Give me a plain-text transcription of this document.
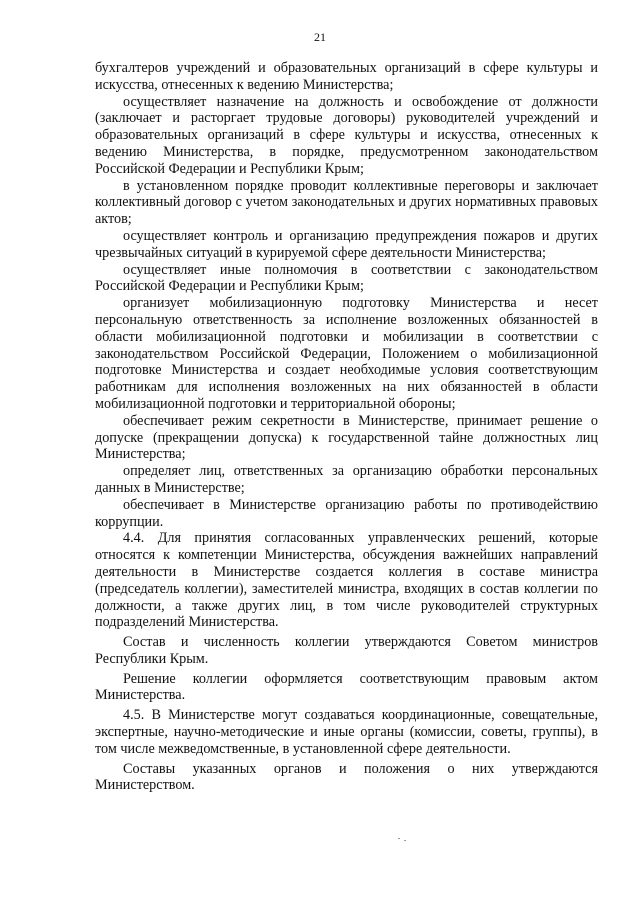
21

бухгалтеров учреждений и образовательных организаций в сфере культуры и искусства, отнесенных к ведению Министерства;

осуществляет назначение на должность и освобождение от должности (заключает и расторгает трудовые договоры) руководителей учреждений и образовательных организаций в сфере культуры и искусства, отнесенных к ведению Министерства, в порядке, предусмотренном законодательством Российской Федерации и Республики Крым;

в установленном порядке проводит коллективные переговоры и заключает коллективный договор с учетом законодательных и других нормативных правовых актов;

осуществляет контроль и организацию предупреждения пожаров и других чрезвычайных ситуаций в курируемой сфере деятельности Министерства;

осуществляет иные полномочия в соответствии с законодательством Российской Федерации и Республики Крым;

организует мобилизационную подготовку Министерства и несет персональную ответственность за исполнение возложенных обязанностей в области мобилизационной подготовки и мобилизации в соответствии с законодательством Российской Федерации, Положением о мобилизационной подготовке Министерства и создает необходимые условия соответствующим работникам для исполнения возложенных на них обязанностей в области мобилизационной подготовки и территориальной обороны;

обеспечивает режим секретности в Министерстве, принимает решение о допуске (прекращении допуска) к государственной тайне должностных лиц Министерства;

определяет лиц, ответственных за организацию обработки персональных данных в Министерстве;

обеспечивает в Министерстве организацию работы по противодействию коррупции.

4.4. Для принятия согласованных управленческих решений, которые относятся к компетенции Министерства, обсуждения важнейших направлений деятельности в Министерстве создается коллегия в составе министра (председатель коллегии), заместителей министра, входящих в состав коллегии по должности, а также других лиц, в том числе руководителей структурных подразделений Министерства.

Состав и численность коллегии утверждаются Советом министров Республики Крым.

Решение коллегии оформляется соответствующим правовым актом Министерства.

4.5. В Министерстве могут создаваться координационные, совещательные, экспертные, научно-методические и иные органы (комиссии, советы, группы), в том числе межведомственные, в установленной сфере деятельности.

Составы указанных органов и положения о них утверждаются Министерством.
